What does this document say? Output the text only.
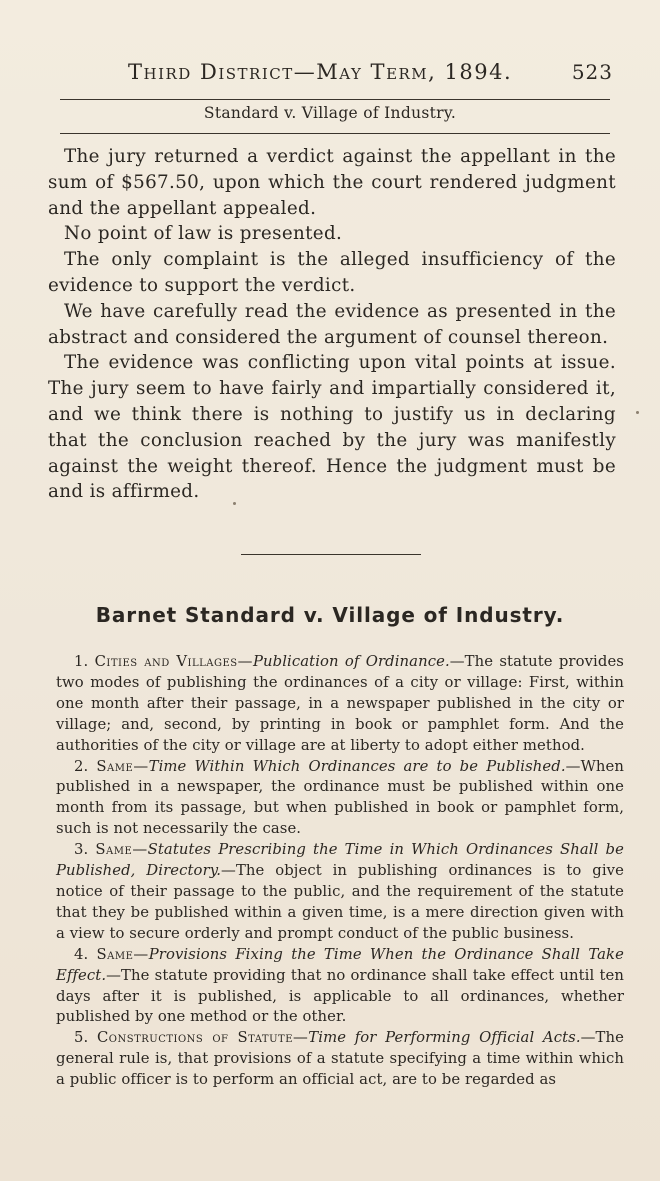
Third District—May Term, 1894.	523
Standard v. Village of Industry.

The jury returned a verdict against the appellant in the sum of $567.50, upon which the court rendered judgment and the appellant appealed.

No point of law is presented.

The only complaint is the alleged insufficiency of the evidence to support the verdict.

We have carefully read the evidence as presented in the abstract and considered the argument of counsel thereon.

The evidence was conflicting upon vital points at issue. The jury seem to have fairly and impartially considered it, and we think there is nothing to justify us in declaring that the conclusion reached by the jury was manifestly against the weight thereof. Hence the judgment must be and is affirmed.

Barnet Standard v. Village of Industry.

1. Cities and Villages—Publication of Ordinance.—The statute provides two modes of publishing the ordinances of a city or village: First, within one month after their passage, in a newspaper published in the city or village; and, second, by printing in book or pamphlet form. And the authorities of the city or village are at liberty to adopt either method.

2. Same—Time Within Which Ordinances are to be Published.—When published in a newspaper, the ordinance must be published within one month from its passage, but when published in book or pamphlet form, such is not necessarily the case.

3. Same—Statutes Prescribing the Time in Which Ordinances Shall be Published, Directory.—The object in publishing ordinances is to give notice of their passage to the public, and the requirement of the statute that they be published within a given time, is a mere direction given with a view to secure orderly and prompt conduct of the public business.

4. Same—Provisions Fixing the Time When the Ordinance Shall Take Effect.—The statute providing that no ordinance shall take effect until ten days after it is published, is applicable to all ordinances, whether published by one method or the other.

5. Constructions of Statute—Time for Performing Official Acts.—The general rule is, that provisions of a statute specifying a time within which a public officer is to perform an official act, are to be regarded as
